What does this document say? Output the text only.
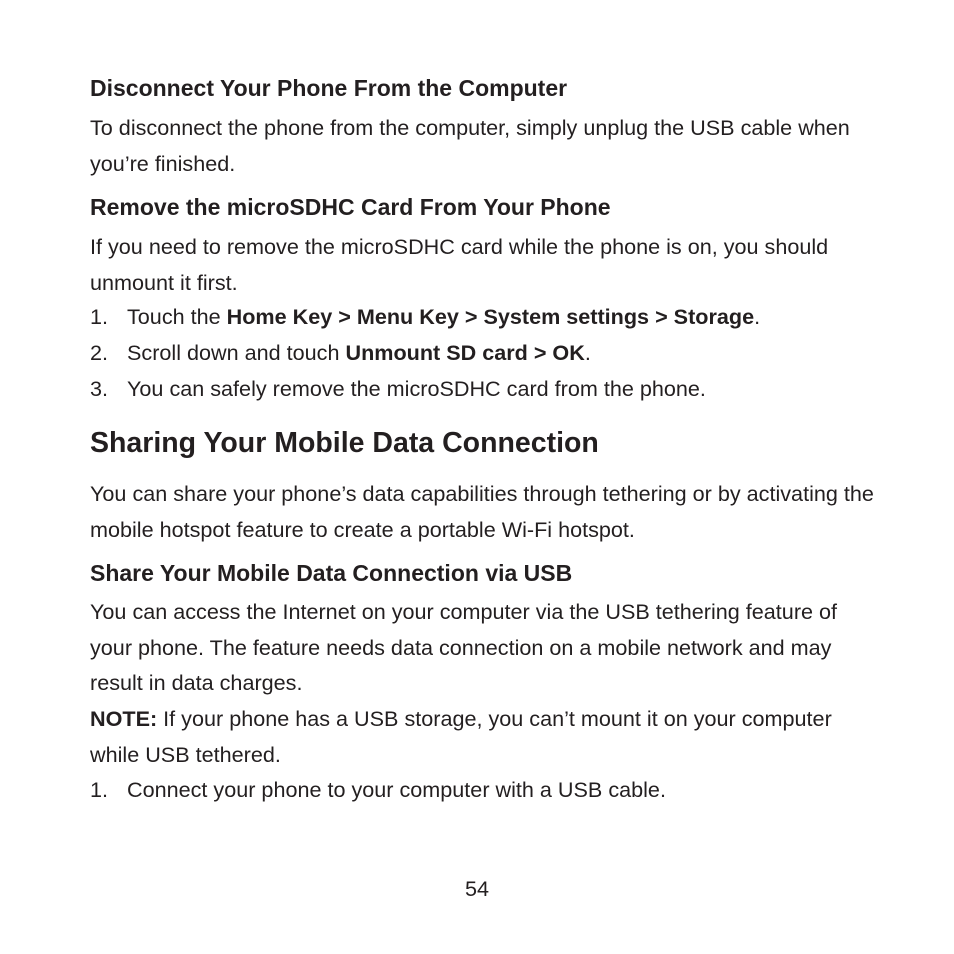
Disconnect Your Phone From the Computer

To disconnect the phone from the computer, simply unplug the USB cable when you’re finished.

Remove the microSDHC Card From Your Phone

If you need to remove the microSDHC card while the phone is on, you should unmount it first.

1. Touch the Home Key > Menu Key > System settings > Storage.
2. Scroll down and touch Unmount SD card > OK.
3. You can safely remove the microSDHC card from the phone.
Sharing Your Mobile Data Connection

You can share your phone’s data capabilities through tethering or by activating the mobile hotspot feature to create a portable Wi-Fi hotspot.

Share Your Mobile Data Connection via USB

You can access the Internet on your computer via the USB tethering feature of your phone. The feature needs data connection on a mobile network and may result in data charges.

NOTE: If your phone has a USB storage, you can’t mount it on your computer while USB tethered.

1. Connect your phone to your computer with a USB cable.
54
